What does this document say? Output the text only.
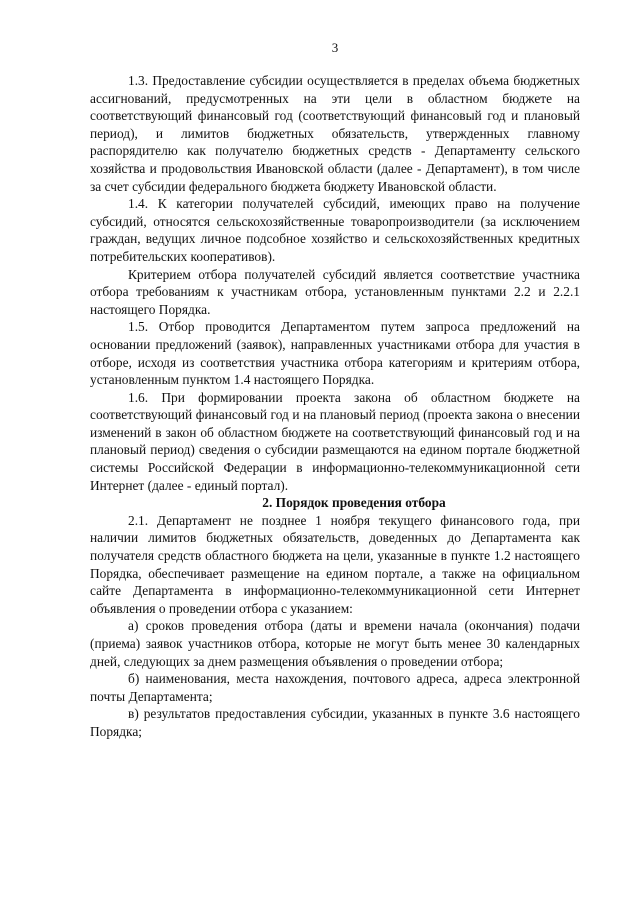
3

1.3. Предоставление субсидии осуществляется в пределах объема бюджетных ассигнований, предусмотренных на эти цели в областном бюджете на соответствующий финансовый год (соответствующий финансовый год и плановый период), и лимитов бюджетных обязательств, утвержденных главному распорядителю как получателю бюджетных средств - Департаменту сельского хозяйства и продовольствия Ивановской области (далее - Департамент), в том числе за счет субсидии федерального бюджета бюджету Ивановской области.

1.4. К категории получателей субсидий, имеющих право на получение субсидий, относятся сельскохозяйственные товаропроизводители (за исключением граждан, ведущих личное подсобное хозяйство и сельскохозяйственных кредитных потребительских кооперативов).

Критерием отбора получателей субсидий является соответствие участника отбора требованиям к участникам отбора, установленным пунктами 2.2 и 2.2.1 настоящего Порядка.

1.5. Отбор проводится Департаментом путем запроса предложений на основании предложений (заявок), направленных участниками отбора для участия в отборе, исходя из соответствия участника отбора категориям и критериям отбора, установленным пунктом 1.4 настоящего Порядка.

1.6. При формировании проекта закона об областном бюджете на соответствующий финансовый год и на плановый период (проекта закона о внесении изменений в закон об областном бюджете на соответствующий финансовый год и на плановый период) сведения о субсидии размещаются на едином портале бюджетной системы Российской Федерации в информационно-телекоммуникационной сети Интернет (далее - единый портал).

2. Порядок проведения отбора

2.1. Департамент не позднее 1 ноября текущего финансового года, при наличии лимитов бюджетных обязательств, доведенных до Департамента как получателя средств областного бюджета на цели, указанные в пункте 1.2 настоящего Порядка, обеспечивает размещение на едином портале, а также на официальном сайте Департамента в информационно-телекоммуникационной сети Интернет объявления о проведении отбора с указанием:

а) сроков проведения отбора (даты и времени начала (окончания) подачи (приема) заявок участников отбора, которые не могут быть менее 30 календарных дней, следующих за днем размещения объявления о проведении отбора;

б) наименования, места нахождения, почтового адреса, адреса электронной почты Департамента;

в) результатов предоставления субсидии, указанных в пункте 3.6 настоящего Порядка;
